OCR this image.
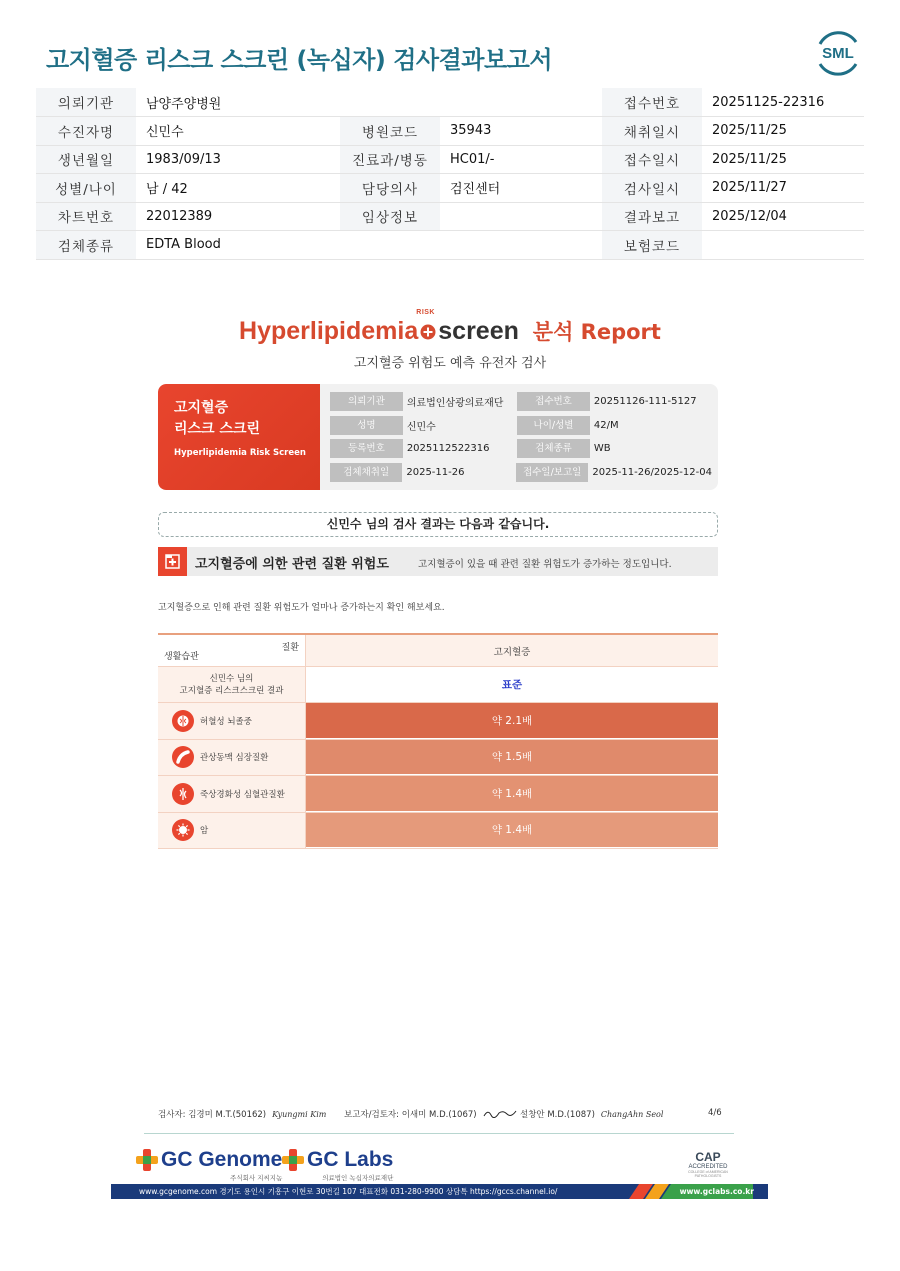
고지혈증 리스크 스크린 (녹십자) 검사결과보고서	SML
의뢰기관	남양주양병원			접수번호	20251125-22316
수진자명	신민수	병원코드	35943	채취일시	2025/11/25
생년월일	1983/09/13	진료과/병동	HC01/-	접수일시	2025/11/25
성별/나이	남 / 42	담당의사	검진센터	검사일시	2025/11/27
차트번호	22012389	임상정보		결과보고	2025/12/04
검체종류	EDTA Blood			보험코드	
Hyperlipidemia
RISK
screen 분석 Report
고지혈증 위험도 예측 유전자 검사
고지혈증
리스크 스크린
Hyperlipidemia Risk Screen
의뢰기관	의료법인삼광의료재단	접수번호	20251126-111-5127
성명	신민수	나이/성별	42/M
등록번호	2025112522316	검체종류	WB
검체채취일	2025-11-26	접수일/보고일	2025-11-26/2025-12-04
신민수 님의 검사 결과는 다음과 같습니다.
고지혈증에 의한 관련 질환 위험도	고지혈증이 있을 때 관련 질환 위험도가 증가하는 정도입니다.
고지혈증으로 인해 관련 질환 위험도가 얼마나 증가하는지 확인 해보세요.
질환
생활습관	고지혈증
신민수 님의
고지혈증 리스크스크린 결과	표준
허혈성 뇌졸중	약 2.1배
관상동맥 심장질환	약 1.5배
죽상경화성 심혈관질환	약 1.4배
암	약 1.4배
검사자: 김경미 M.T.(50162) Kyungmi Kim 보고자/검토자: 이새미 M.D.(1067)	설창안 M.D.(1087) ChangAhn Seol	4/6
GC Genome
주식회사 지씨지놈
GC Labs
의료법인 녹십자의료재단
CAP
ACCREDITED
COLLEGE of AMERICAN PATHOLOGISTS
www.gcgenome.com 경기도 용인시 기흥구 이현로 30번길 107 대표전화 031-280-9900 상담톡 https://gccs.channel.io/	www.gclabs.co.kr
